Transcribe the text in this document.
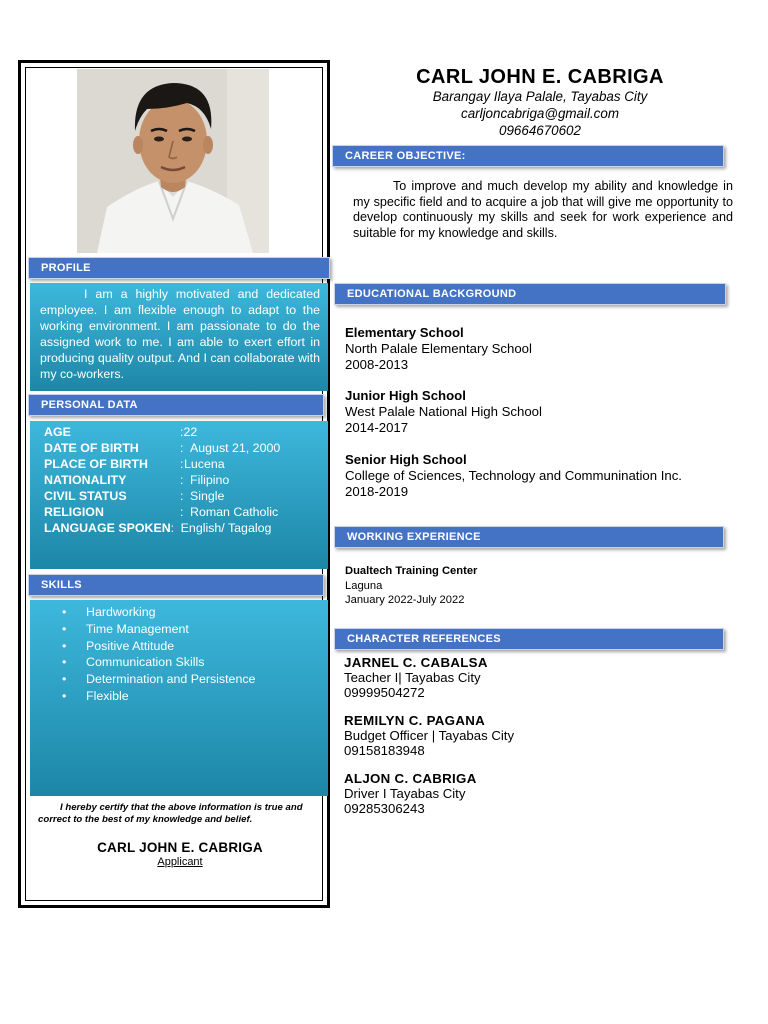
PROFILE

I am a highly motivated and dedicated employee. I am flexible enough to adapt to the working environment. I am passionate to do the assigned work to me. I am able to exert effort in producing quality output. And I can collaborate with my co-workers.

PERSONAL DATA
AGE	: 22
DATE OF BIRTH	: August 21, 2000
PLACE OF BIRTH	: Lucena
NATIONALITY	: Filipino
CIVIL STATUS	: Single
RELIGION	: Roman Catholic
LANGUAGE SPOKEN : English/ Tagalog
SKILLS
• Hardworking
• Time Management
• Positive Attitude
• Communication Skills
• Determination and Persistence
• Flexible

I hereby certify that the above information is true and correct to the best of my knowledge and belief.

CARL JOHN E. CABRIGA
Applicant
CARL JOHN E. CABRIGA
Barangay Ilaya Palale, Tayabas City
carljoncabriga@gmail.com
09664670602
CAREER OBJECTIVE:

To improve and much develop my ability and knowledge in my specific field and to acquire a job that will give me opportunity to develop continuously my skills and seek for work experience and suitable for my knowledge and skills.

EDUCATIONAL BACKGROUND
Elementary School
North Palale Elementary School
2008-2013
Junior High School
West Palale National High School
2014-2017
Senior High School
College of Sciences, Technology and Communination Inc.
2018-2019
WORKING EXPERIENCE
Dualtech Training Center
Laguna
January 2022-July 2022
CHARACTER REFERENCES
JARNEL C. CABALSA
Teacher I| Tayabas City
09999504272
REMILYN C. PAGANA
Budget Officer | Tayabas City
09158183948
ALJON C. CABRIGA
Driver I Tayabas City
09285306243
